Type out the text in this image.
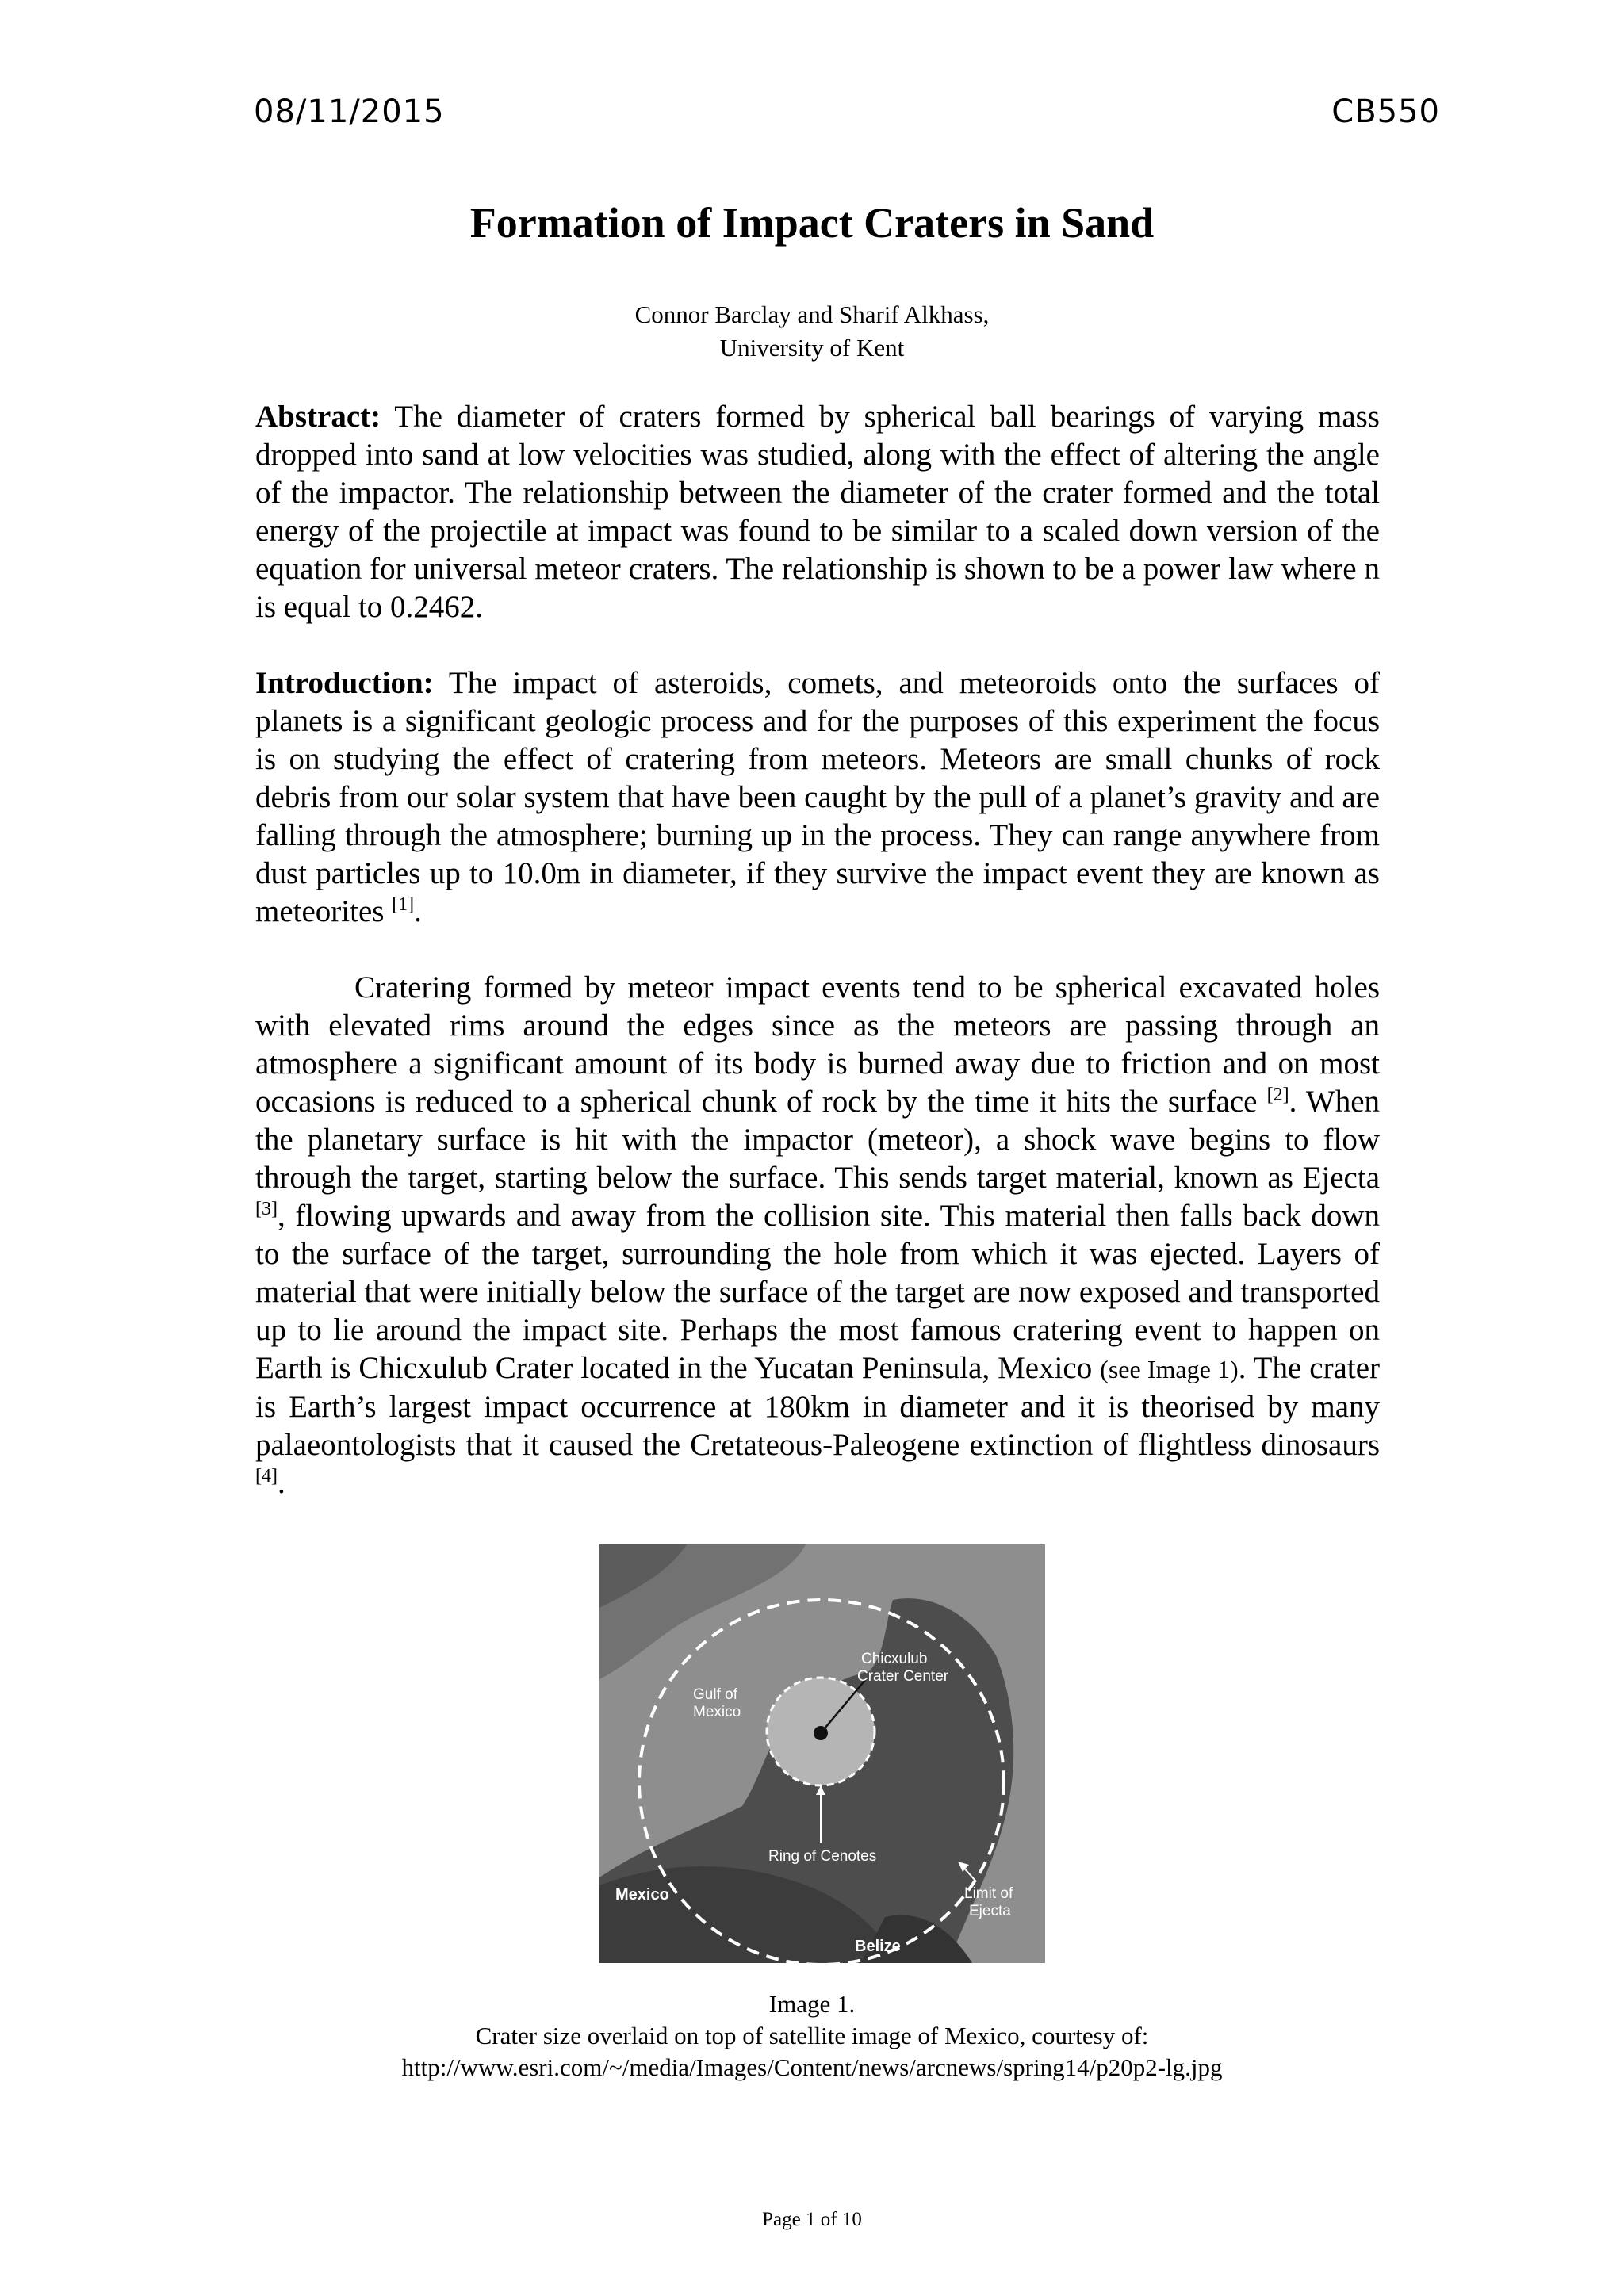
08/11/2015	CB550
Formation of Impact Craters in Sand
Connor Barclay and Sharif Alkhass,
University of Kent
Abstract: The diameter of craters formed by spherical ball bearings of varying mass dropped into sand at low velocities was studied, along with the effect of altering the angle of the impactor. The relationship between the diameter of the crater formed and the total energy of the projectile at impact was found to be similar to a scaled down version of the equation for universal meteor craters. The relationship is shown to be a power law where n is equal to 0.2462.
Introduction: The impact of asteroids, comets, and meteoroids onto the surfaces of planets is a significant geologic process and for the purposes of this experiment the focus is on studying the effect of cratering from meteors. Meteors are small chunks of rock debris from our solar system that have been caught by the pull of a planet’s gravity and are falling through the atmosphere; burning up in the process. They can range anywhere from dust particles up to 10.0m in diameter, if they survive the impact event they are known as meteorites [1].
Cratering formed by meteor impact events tend to be spherical excavated holes with elevated rims around the edges since as the meteors are passing through an atmosphere a significant amount of its body is burned away due to friction and on most occasions is reduced to a spherical chunk of rock by the time it hits the surface [2]. When the planetary surface is hit with the impactor (meteor), a shock wave begins to flow through the target, starting below the surface. This sends target material, known as Ejecta [3], flowing upwards and away from the collision site. This material then falls back down to the surface of the target, surrounding the hole from which it was ejected. Layers of material that were initially below the surface of the target are now exposed and transported up to lie around the impact site. Perhaps the most famous cratering event to happen on Earth is Chicxulub Crater located in the Yucatan Peninsula, Mexico (see Image 1). The crater is Earth’s largest impact occurrence at 180km in diameter and it is theorised by many palaeontologists that it caused the Cretateous-Paleogene extinction of flightless dinosaurs [4].
Chicxulub
Crater Center
Gulf of
Mexico
Ring of Cenotes
Limit of
Ejecta
Mexico
Belize
Image 1.
Crater size overlaid on top of satellite image of Mexico, courtesy of:
http://www.esri.com/~/media/Images/Content/news/arcnews/spring14/p20p2-lg.jpg
Page 1 of 10
